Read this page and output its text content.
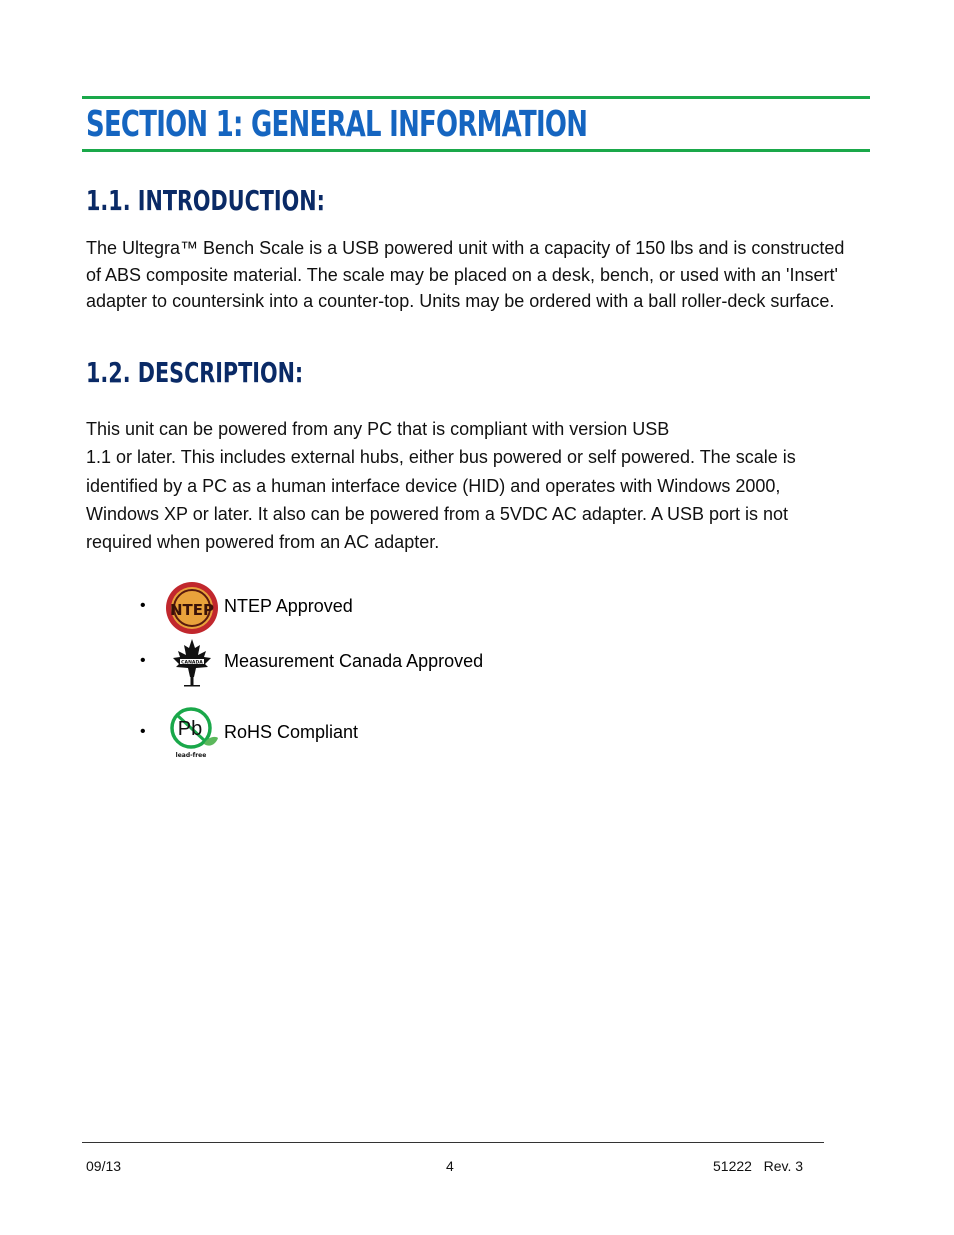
SECTION 1: GENERAL INFORMATION
1.1. INTRODUCTION:

The Ultegra™ Bench Scale is a USB powered unit with a capacity of 150 lbs and is constructed of ABS composite material. The scale may be placed on a desk, bench, or used with an 'Insert' adapter to countersink into a counter-top. Units may be ordered with a ball roller-deck surface.

1.2. DESCRIPTION:

This unit can be powered from any PC that is compliant with version USB
1.1 or later. This includes external hubs, either bus powered or self powered. The scale is
identified by a PC as a human interface device (HID) and operates with Windows 2000,
Windows XP or later. It also can be powered from a 5VDC AC adapter. A USB port is not
required when powered from an AC adapter.

• NTEP NTEP Approved
•	CANADA Measurement Canada Approved
• Pb
lead-free
RoHS Compliant
09/13	4	51222   Rev. 3
